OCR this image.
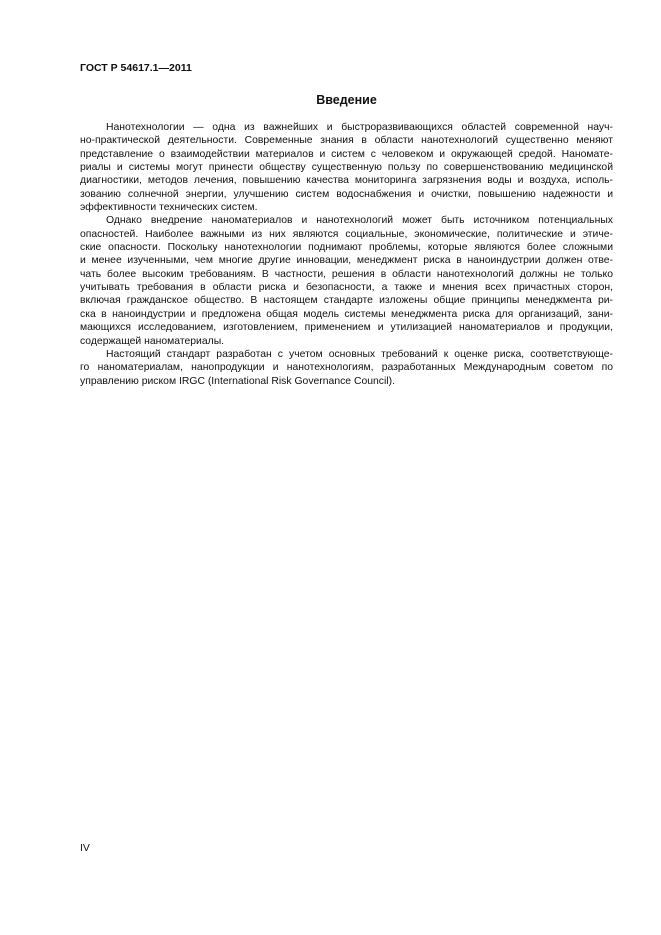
ГОСТ Р 54617.1—2011
Введение
Нанотехнологии — одна из важнейших и быстроразвивающихся областей современной науч-
но-практической деятельности. Современные знания в области нанотехнологий существенно меняют
представление о взаимодействии материалов и систем с человеком и окружающей средой. Наномате-
риалы и системы могут принести обществу существенную пользу по совершенствованию медицинской
диагностики, методов лечения, повышению качества мониторинга загрязнения воды и воздуха, исполь-
зованию солнечной энергии, улучшению систем водоснабжения и очистки, повышению надежности и
эффективности технических систем.
Однако внедрение наноматериалов и нанотехнологий может быть источником потенциальных
опасностей. Наиболее важными из них являются социальные, экономические, политические и этиче-
ские опасности. Поскольку нанотехнологии поднимают проблемы, которые являются более сложными
и менее изученными, чем многие другие инновации, менеджмент риска в наноиндустрии должен отве-
чать более высоким требованиям. В частности, решения в области нанотехнологий должны не только
учитывать требования в области риска и безопасности, а также и мнения всех причастных сторон,
включая гражданское общество. В настоящем стандарте изложены общие принципы менеджмента ри-
ска в наноиндустрии и предложена общая модель системы менеджмента риска для организаций, зани-
мающихся исследованием, изготовлением, применением и утилизацией наноматериалов и продукции,
содержащей наноматериалы.
Настоящий стандарт разработан с учетом основных требований к оценке риска, соответствующе-
го наноматериалам, нанопродукции и нанотехнологиям, разработанных Международным советом по
управлению риском IRGC (International Risk Governance Council).
IV
